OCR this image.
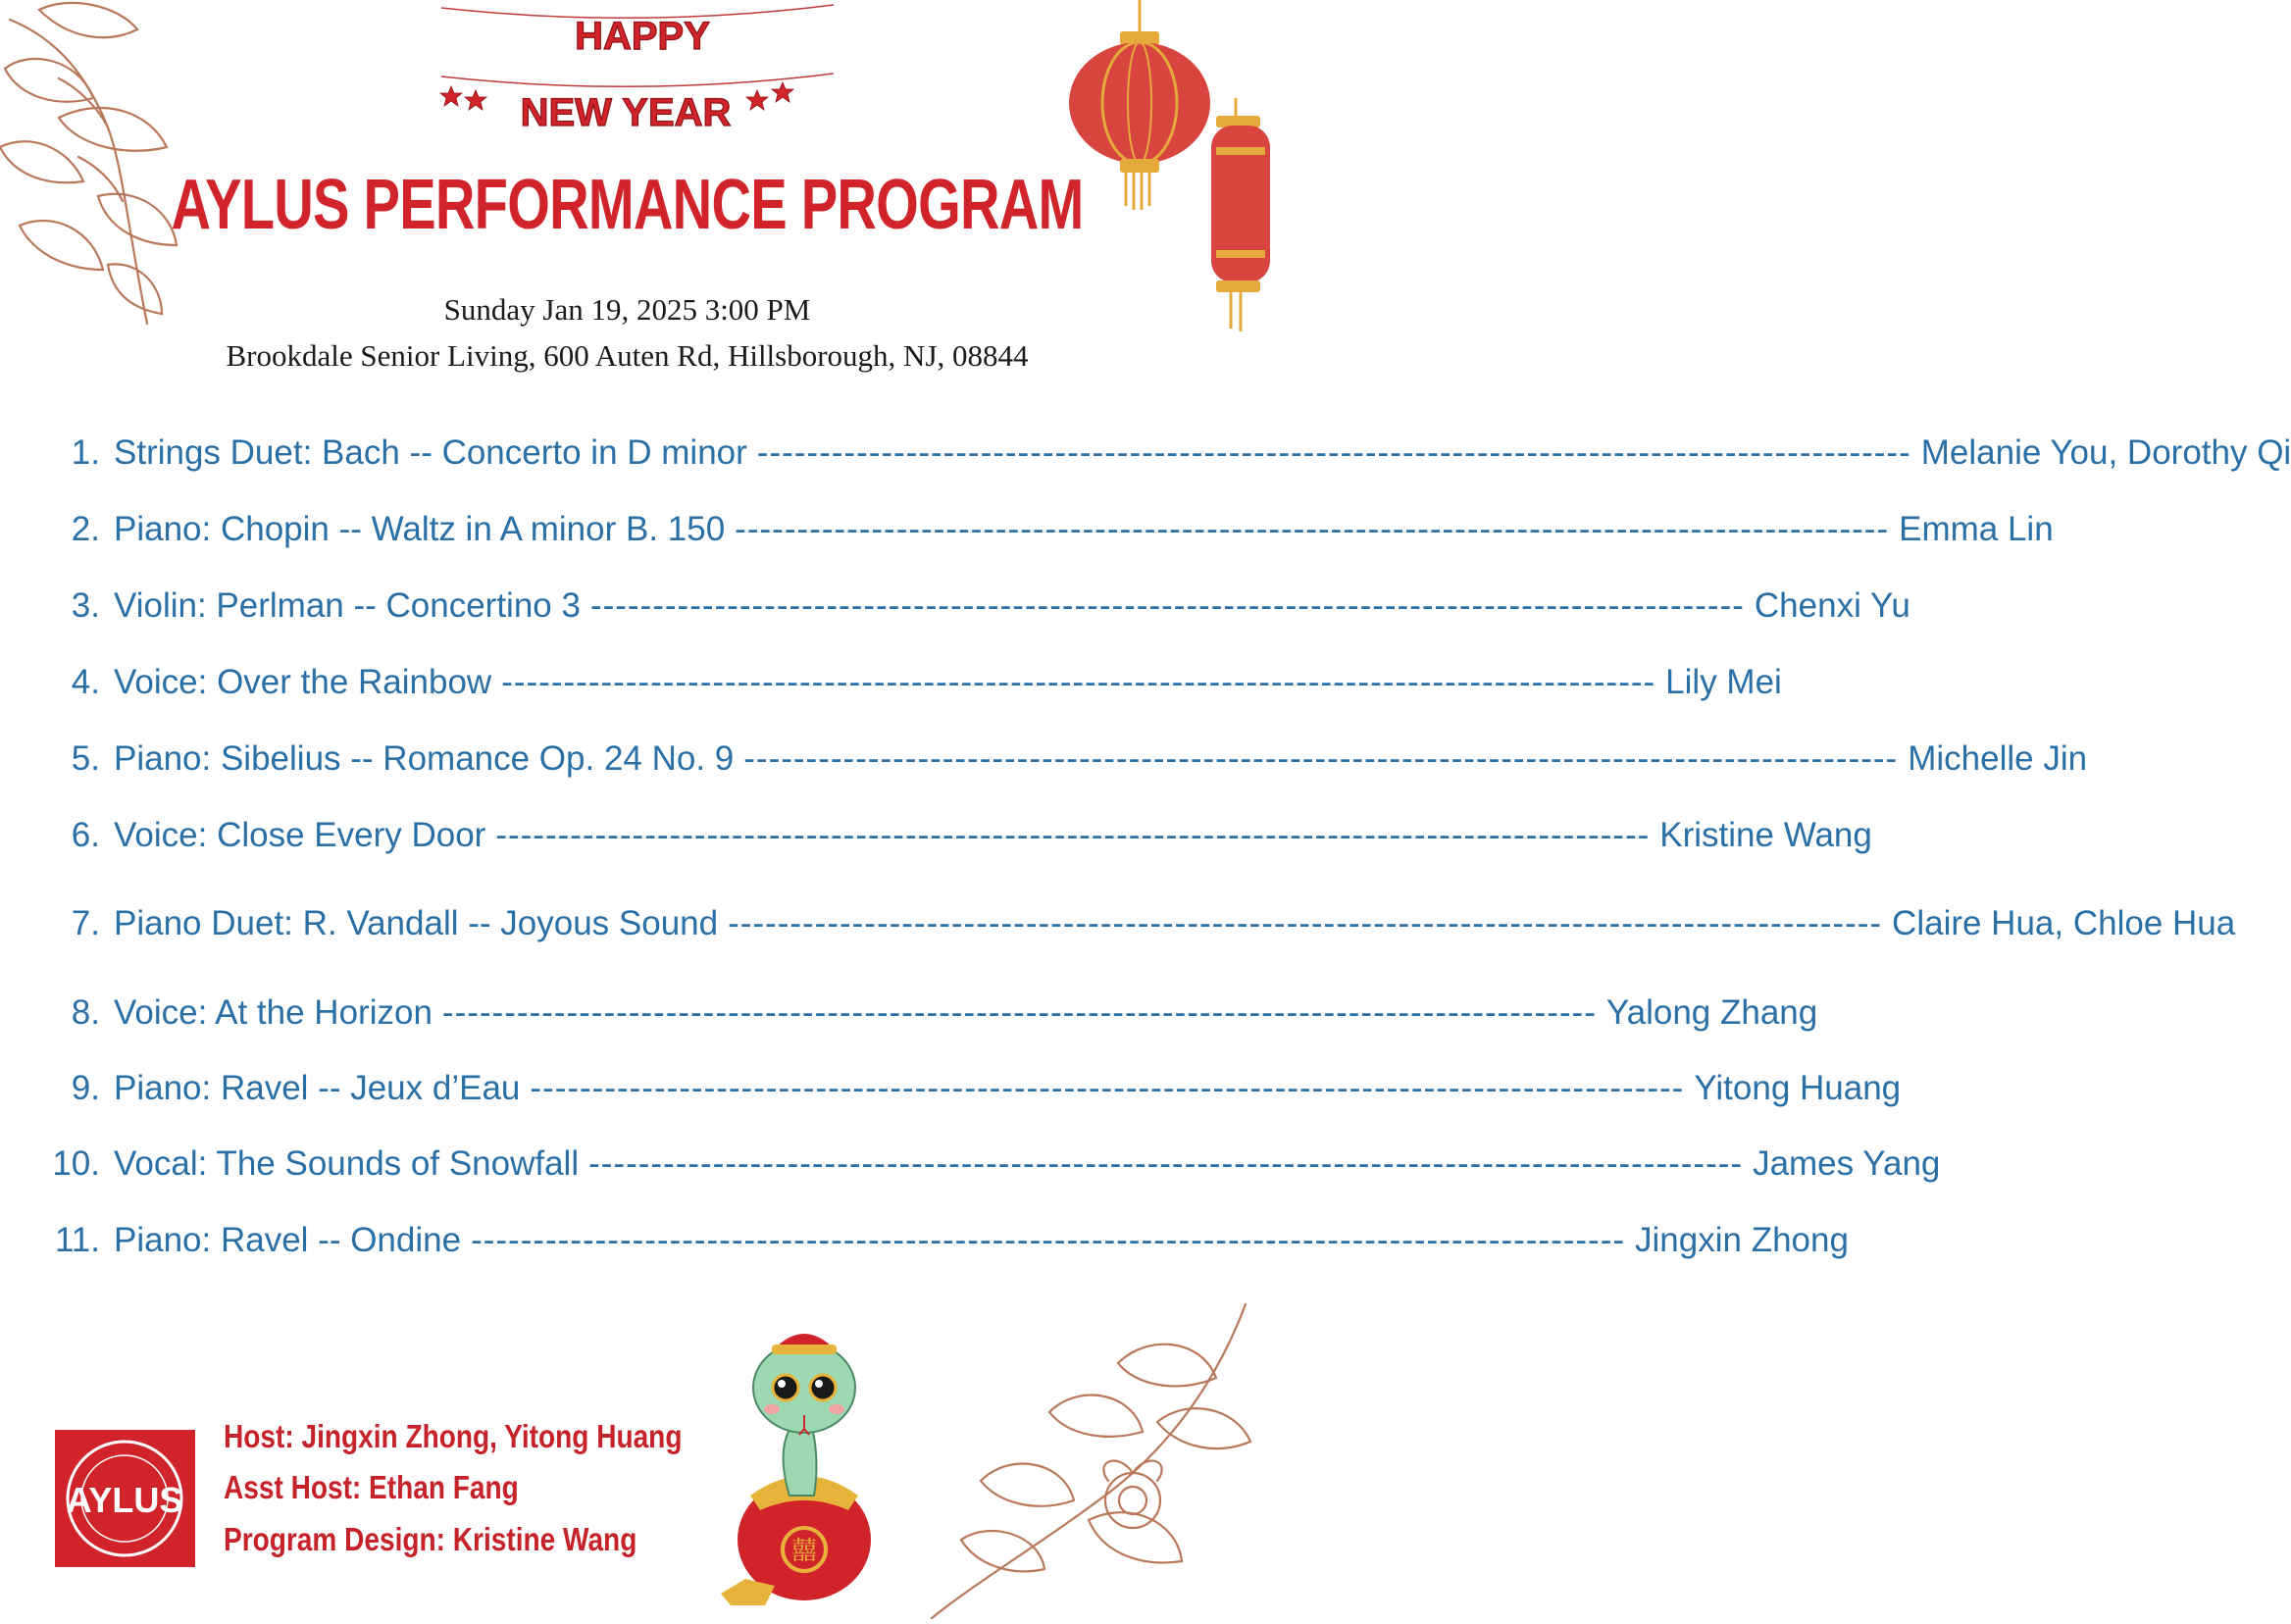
HAPPY
NEW YEAR
AYLUS PERFORMANCE PROGRAM
Sunday Jan 19, 2025 3:00 PM
Brookdale Senior Living, 600 Auten Rd, Hillsborough, NJ, 08844
1. Strings Duet: Bach -- Concerto in D minor --------------------------------------------------------------------------------------------- Melanie You, Dorothy Qi
2. Piano: Chopin -- Waltz in A minor B. 150 --------------------------------------------------------------------------------------------- Emma Lin
3. Violin: Perlman -- Concertino 3 --------------------------------------------------------------------------------------------- Chenxi Yu
4. Voice: Over the Rainbow --------------------------------------------------------------------------------------------- Lily Mei
5. Piano: Sibelius -- Romance Op. 24 No. 9 --------------------------------------------------------------------------------------------- Michelle Jin
6. Voice: Close Every Door --------------------------------------------------------------------------------------------- Kristine Wang
7. Piano Duet: R. Vandall -- Joyous Sound --------------------------------------------------------------------------------------------- Claire Hua, Chloe Hua
8. Voice: At the Horizon --------------------------------------------------------------------------------------------- Yalong Zhang
9. Piano: Ravel -- Jeux d’Eau --------------------------------------------------------------------------------------------- Yitong Huang
10. Vocal: The Sounds of Snowfall --------------------------------------------------------------------------------------------- James Yang
11. Piano: Ravel -- Ondine --------------------------------------------------------------------------------------------- Jingxin Zhong
AYLUS
Host: Jingxin Zhong, Yitong Huang
Asst Host: Ethan Fang
Program Design: Kristine Wang	囍
